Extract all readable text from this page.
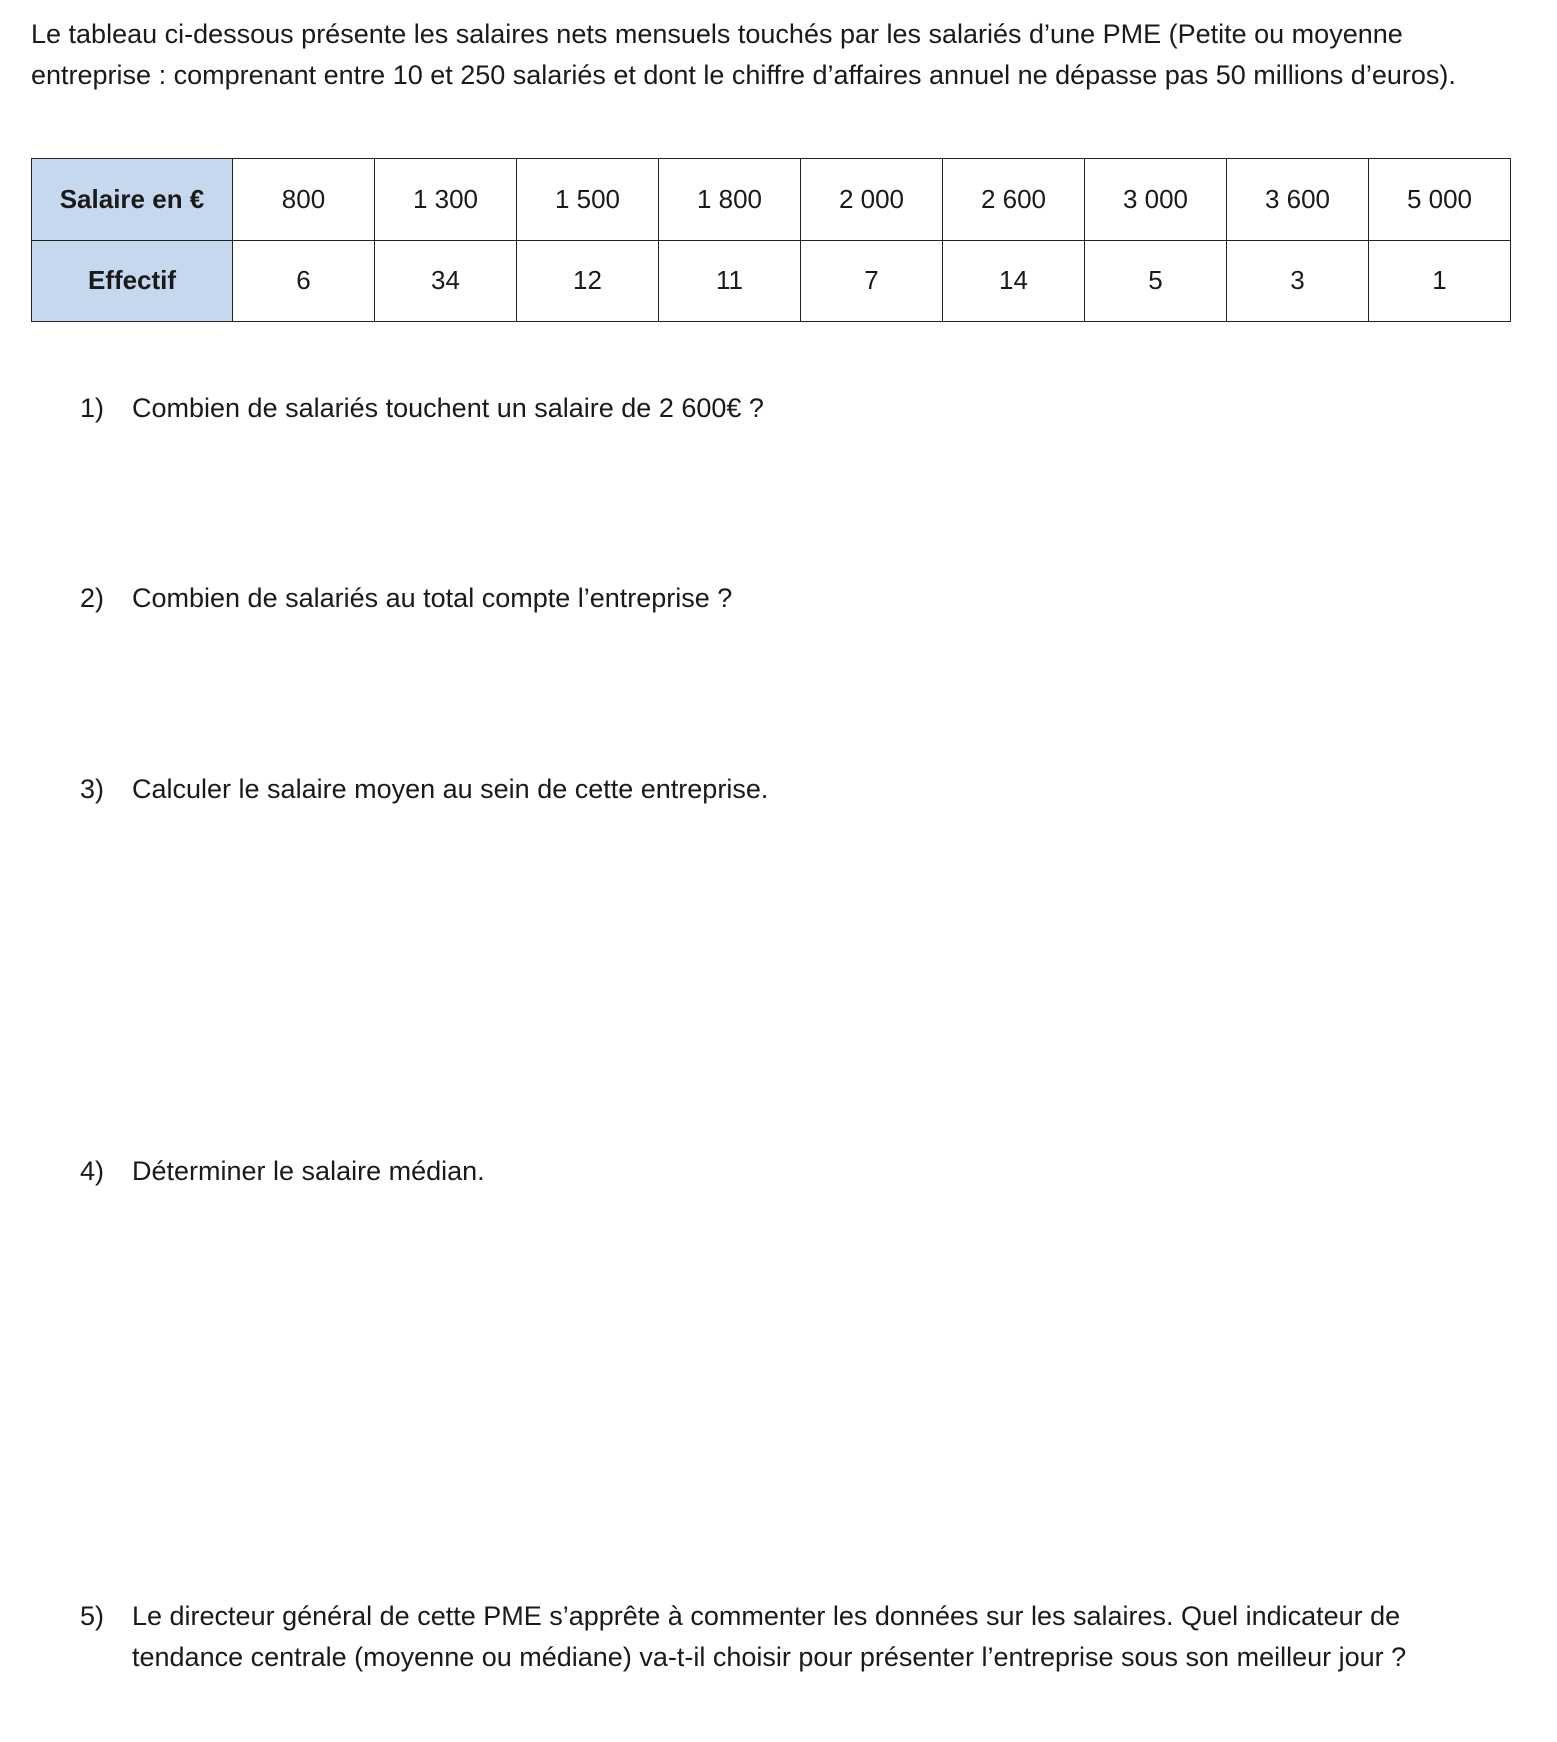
Le tableau ci-dessous présente les salaires nets mensuels touchés par les salariés d’une PME (Petite ou moyenne entreprise : comprenant entre 10 et 250 salariés et dont le chiffre d’affaires annuel ne dépasse pas 50 millions d’euros).

Salaire en €	800	1 300	1 500	1 800	2 000	2 600	3 000	3 600	5 000
Effectif	6	34	12	11	7	14	5	3	1
1)	Combien de salariés touchent un salaire de 2 600€ ?
2)	Combien de salariés au total compte l’entreprise ?
3)	Calculer le salaire moyen au sein de cette entreprise.
4)	Déterminer le salaire médian.
5)	Le directeur général de cette PME s’apprête à commenter les données sur les salaires. Quel indicateur de tendance centrale (moyenne ou médiane) va-t-il choisir pour présenter l’entreprise sous son meilleur jour ?
